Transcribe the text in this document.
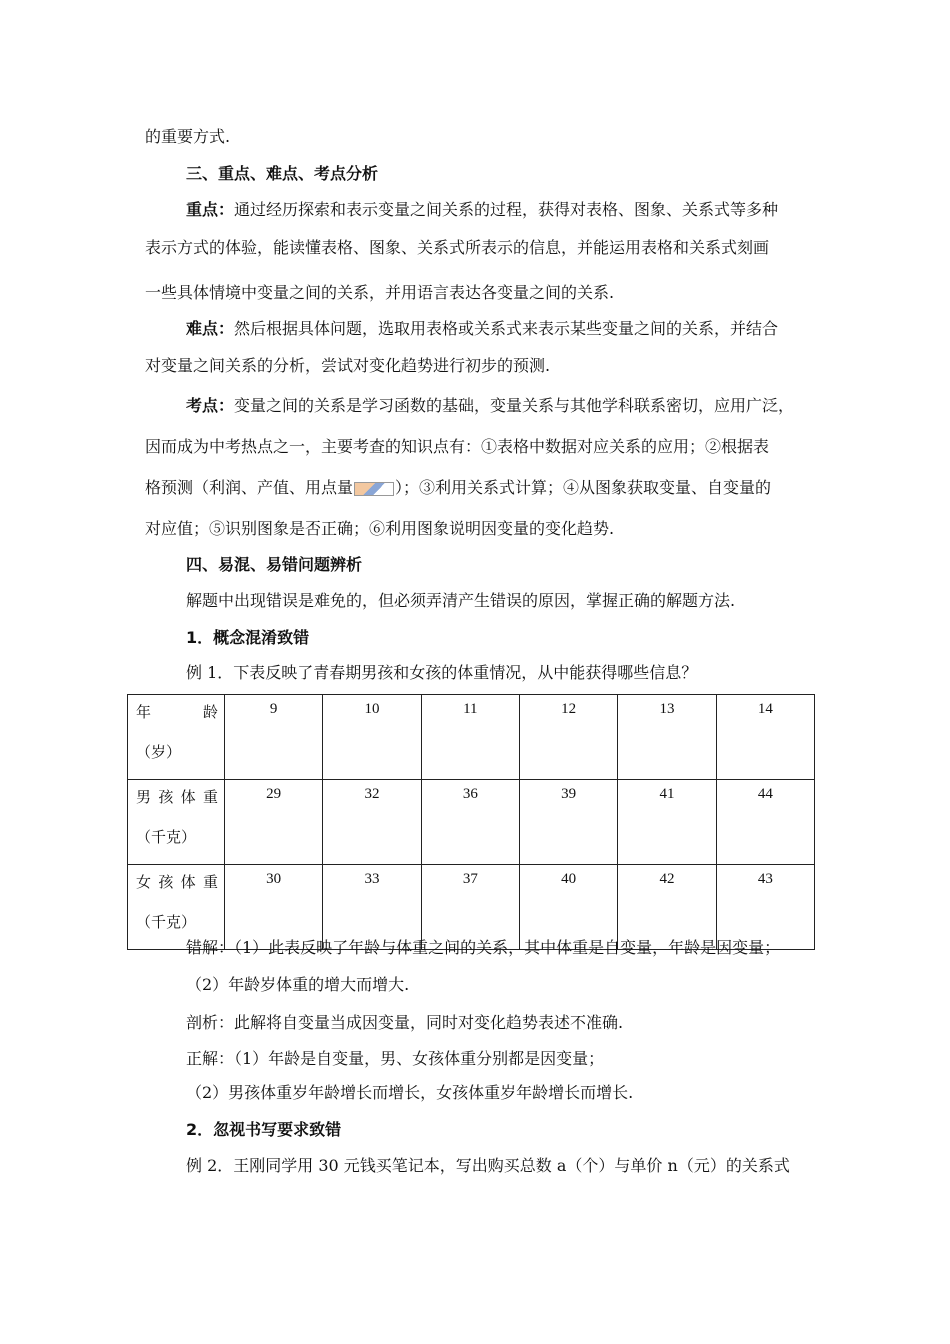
的重要方式.
三、重点、难点、考点分析
重点：通过经历探索和表示变量之间关系的过程，获得对表格、图象、关系式等多种
表示方式的体验，能读懂表格、图象、关系式所表示的信息，并能运用表格和关系式刻画
一些具体情境中变量之间的关系，并用语言表达各变量之间的关系.
难点：然后根据具体问题，选取用表格或关系式来表示某些变量之间的关系，并结合
对变量之间关系的分析，尝试对变化趋势进行初步的预测.
考点：变量之间的关系是学习函数的基础，变量关系与其他学科联系密切，应用广泛，
因而成为中考热点之一，主要考查的知识点有：①表格中数据对应关系的应用；②根据表
格预测（利润、产值、用点量	）；③利用关系式计算；④从图象获取变量、自变量的
对应值；⑤识别图象是否正确；⑥利用图象说明因变量的变化趋势.
四、易混、易错问题辨析
解题中出现错误是难免的，但必须弄清产生错误的原因，掌握正确的解题方法.
1．概念混淆致错
例 1．下表反映了青春期男孩和女孩的体重情况，从中能获得哪些信息？
年　龄
（岁）	9	10	11	12	13	14

男孩体重
（千克）	29	32	36	39	41	44

女孩体重
（千克）	30	33	37	40	42	43
错解：（1）此表反映了年龄与体重之间的关系，其中体重是自变量，年龄是因变量；
（2）年龄岁体重的增大而增大.
剖析：此解将自变量当成因变量，同时对变化趋势表述不准确.
正解：（1）年龄是自变量，男、女孩体重分别都是因变量；
（2）男孩体重岁年龄增长而增长，女孩体重岁年龄增长而增长.
2．忽视书写要求致错
例 2．王刚同学用 30 元钱买笔记本，写出购买总数 a（个）与单价 n（元）的关系式
